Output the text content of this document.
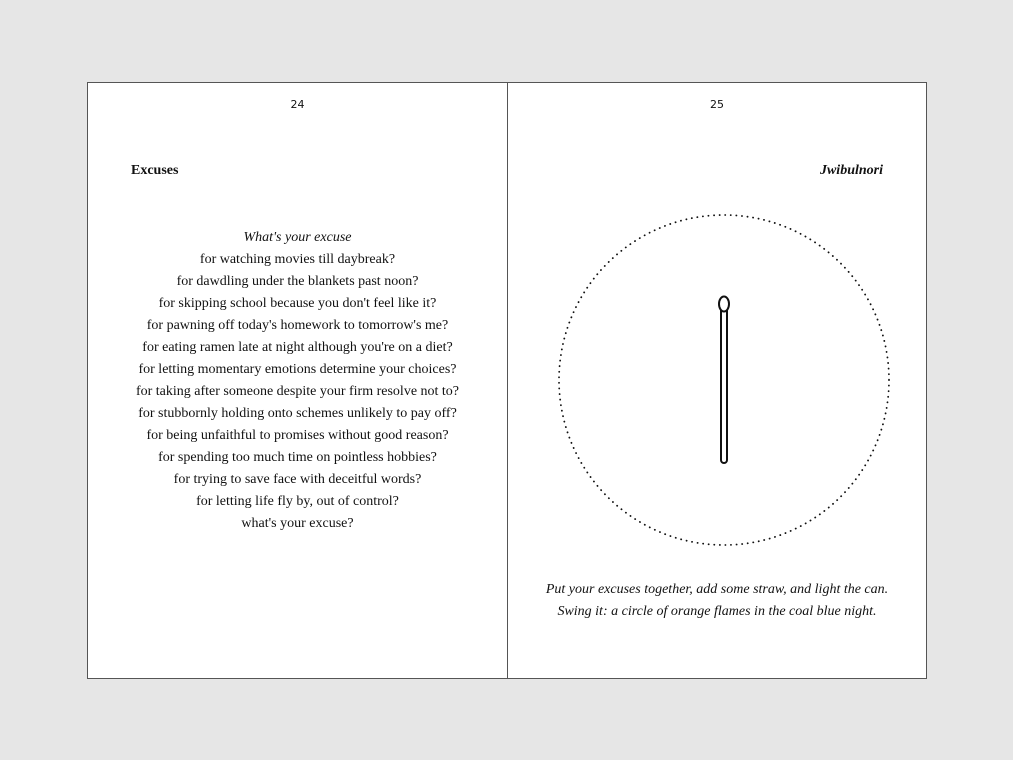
24
Excuses
What's your excuse
for watching movies till daybreak?
for dawdling under the blankets past noon?
for skipping school because you don't feel like it?
for pawning off today's homework to tomorrow's me?
for eating ramen late at night although you're on a diet?
for letting momentary emotions determine your choices?
for taking after someone despite your firm resolve not to?
for stubbornly holding onto schemes unlikely to pay off?
for being unfaithful to promises without good reason?
for spending too much time on pointless hobbies?
for trying to save face with deceitful words?
for letting life fly by, out of control?
what's your excuse?
25
Jwibulnori
Put your excuses together, add some straw, and light the can.
Swing it: a circle of orange flames in the coal blue night.
